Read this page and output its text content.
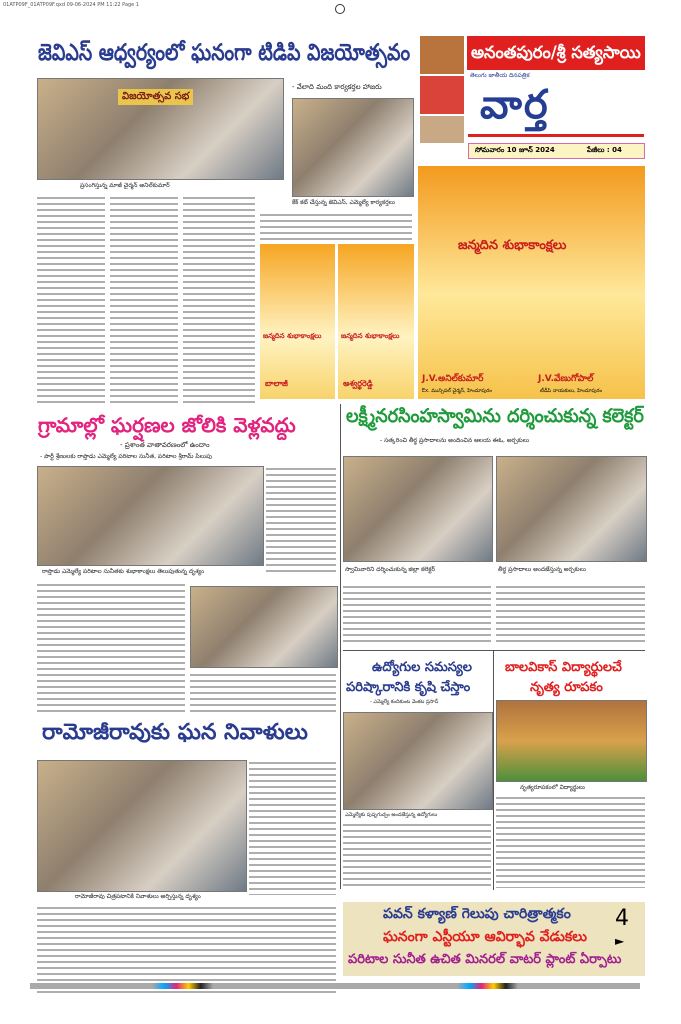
01ATP09F_01ATP09F.qxd 09-06-2024 PM 11:22 Page 1
జెవిఎస్ ఆధ్వర్యంలో ఘనంగా టిడిపి విజయోత్సవం
విజయోత్సవ సభ
ప్రసంగిస్తున్న మాజీ చైర్మన్ అనిల్‌కుమార్
- వేలాది మంది కార్యకర్తల హాజరు
కేక్ కట్ చేస్తున్న జెవిఎస్, ఎమ్మెల్యే కార్యకర్తలు
అనంతపురం/శ్రీ సత్యసాయి
తెలుగు జాతీయ దినపత్రిక
వార్త
సోమవారం 10 జూన్ 2024	పేజీలు : 04
జన్మదిన శుభాకాంక్షలు
బాలాజీ
జన్మదిన శుభాకాంక్షలు
అశ్వర్థరెడ్డి
జన్మదిన శుభాకాంక్షలు
J.V.అనిల్‌కుమార్	J.V.వేణుగోపాల్
Ex. మున్సిపల్ చైర్మన్, హిందూపురం	టీడీపి నాయకులు, హిందూపురం
గ్రామాల్లో ఘర్షణల జోలికి వెళ్లవద్దు
- ప్రశాంత వాతావరణంలో ఉందాం
- పార్టీ శ్రేణులకు రాప్తాడు ఎమ్మెల్యే పరిటాల సునీత, పరిటాల శ్రీరామ్ పిలుపు
రాప్తాడు ఎమ్మెల్యే పరిటాల సునీతకు శుభాకాంక్షలు తెలుపుతున్న దృశ్యం
రామోజీరావుకు ఘన నివాళులు
రామోజీరావు చిత్రపటానికి నివాళులు అర్పిస్తున్న దృశ్యం
లక్ష్మీనరసింహస్వామిను దర్శించుకున్న కలెక్టర్
- సత్కరించి తీర్థ ప్రసాదాలను అందించిన ఆలయ ఈఓ, అర్చకులు
స్వామివారిని దర్శించుకున్న జిల్లా కలెక్టర్	తీర్థ ప్రసాదాలు అందజేస్తున్న అర్చకులు
ఉద్యోగుల సమస్యల
పరిష్కారానికి కృషి చేస్తాం
- ఎమ్మెల్యే కందికుంట వెంకట ప్రసాద్
ఎమ్మెల్యేకు పుష్పగుచ్ఛం అందజేస్తున్న ఉద్యోగులు
బాలవికాస్ విద్యార్థులచే
నృత్య రూపకం
నృత్యరూపకంలో విద్యార్థులు
పవన్ కళ్యాణ్ గెలుపు చారిత్రాత్మకం
ఘనంగా ఎస్టీయూ ఆవిర్భావ వేడుకలు
పరిటాల సునీత ఉచిత మినరల్ వాటర్ ప్లాంట్ ఏర్పాటు
4
►
